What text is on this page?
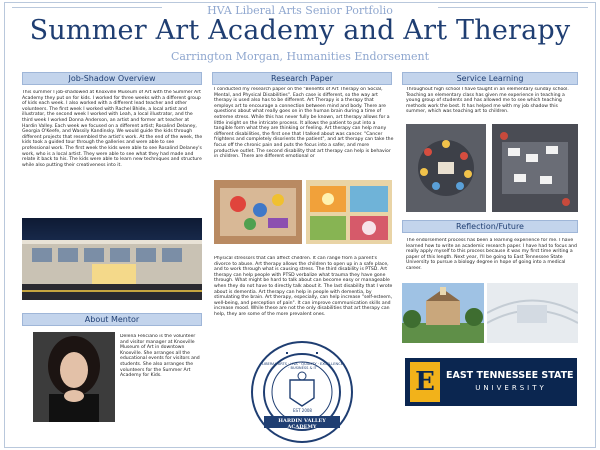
HVA Liberal Arts Senior Portfolio
Summer Art Academy and Art Therapy
Carrington Morgan, Humanities Endorsement
Job-Shadow Overview
This summer I job-shadowed at Knoxville Museum of Art with the Summer Art Academy they put on for kids. I worked for three weeks with a different group of kids each week. I also worked with a different lead teacher and other volunteers. The first week I worked with Rachel Bhide, a local artist and illustrator, the second week I worked with Leah, a local illustrator, and the third week I worked Donna Anderson, an artist and former art teacher at Hardin Valley. Each week we focused on a different artist; Rosalind Delaney, Georgia O'Keefe, and Wassily Kandinsky. We would guide the kids through different projects that resembled the artist's work. At the end of the week, the kids took a guided tour through the galleries and were able to see professional work. The first week the kids were able to see Rosalind Delaney's work, who is a local artist. They were able to see what they had made and relate it back to his. The kids were able to learn new techniques and structure while also putting their creativeness into it.
About Mentor
Delena Feliciano is the volunteer and visitor manager at Knoxville Museum of Art in downtown Knoxville. She arranges all the educational events for visitors and students. She also arranges the volunteers for the Summer Art Academy for Kids.
Research Paper
I conducted my research paper on the "Benefits of Art Therapy on Social, Mental, and Physical Disabilities". Each case is different, so the way art therapy is used also has to be different. Art Therapy is a therapy that employs art to encourage a connection between mind and body. There are questions about what really goes on in the human brain during a time of extreme stress. While this has never fully be known, art therapy allows for a little insight on the intricate process. It allows the patient to put into a tangible form what they are thinking or feeling. Art therapy can help many different disabilities, the first one that I talked about was cancer. "Cancer frightens and completely disorients the patient", and art therapy can take the focus off the chronic pain and puts the focus into a safer, and more productive outlet. The second disability that art therapy can help is behavior in children. There are different emotional or
Physical stressors that can affect children. It can range from a parent's divorce to abuse. Art therapy allows the children to open up in a safe place, and to work through what is causing stress. The third disability is PTSD. Art therapy can help people with PTSD verbalize what trauma they have gone through. What might be hard to talk about can become easy or manageable when they do not have to directly talk about it. The last disability that I wrote about is dementia. Art therapy can help in people with dementia, by stimulating the brain. Art therapy, especially, can help increase "self-esteem, well-being, and perception of pain". It can improve communication skills and increase mood. While these are not the only disabilities that art therapy can help, they are some of the more prevalent ones.
LIBERAL ARTS · HVA · QUALITY · EXCELLENCE · BUSINESS & IT
EST 2008
HARDIN VALLEY ACADEMY
Service Learning
Throughout high school I have taught in an elementary sunday school. Teaching an elementary class has given me experience in teaching a young group of students and has allowed me to see which teaching methods work the best. It has helped me with my job shadow this summer, which was teaching art to children.
Reflection/Future
The endorsement process has been a learning experience for me. I have learned how to write an academic research paper. I have had to focus and really apply myself to this process because it was my first time writing a paper of this length. Next year, I'll be going to East Tennessee State University to pursue a biology degree in hope of going into a medical career.
E	EAST TENNESSEE STATE
UNIVERSITY
